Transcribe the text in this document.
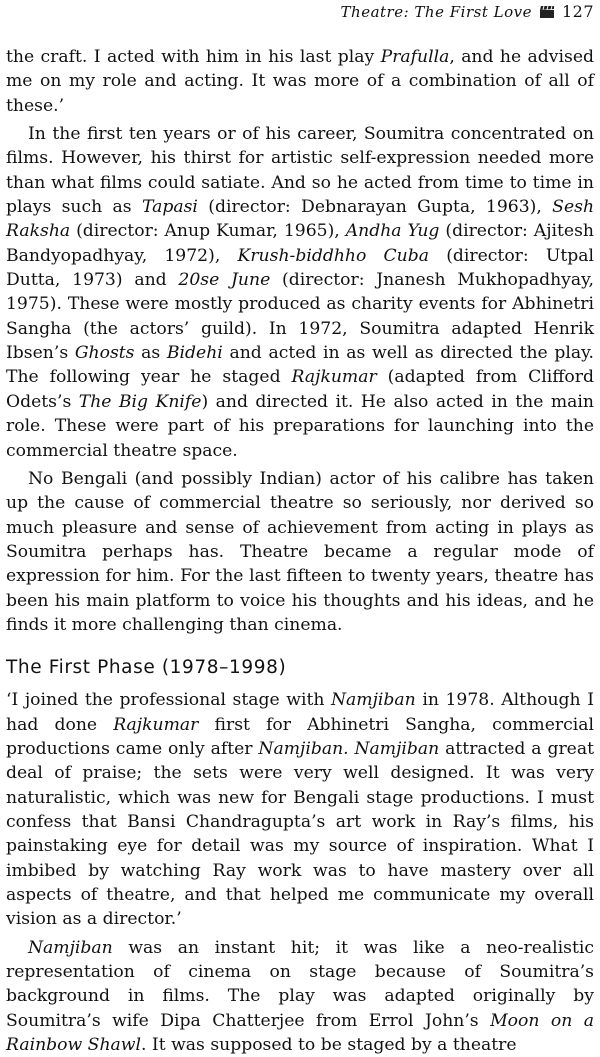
Theatre: The First Love 127

the craft. I acted with him in his last play Prafulla, and he advised me on my role and acting. It was more of a combination of all of these.’

In the first ten years or of his career, Soumitra concentrated on films. However, his thirst for artistic self-expression needed more than what films could satiate. And so he acted from time to time in plays such as Tapasi (director: Debnarayan Gupta, 1963), Sesh Raksha (director: Anup Kumar, 1965), Andha Yug (director: Ajitesh Bandyopadhyay, 1972), Krush-biddhho Cuba (director: Utpal Dutta, 1973) and 20se June (director: Jnanesh Mukhopadhyay, 1975). These were mostly produced as charity events for Abhinetri Sangha (the actors’ guild). In 1972, Soumitra adapted Henrik Ibsen’s Ghosts as Bidehi and acted in as well as directed the play. The following year he staged Rajkumar (adapted from Clifford Odets’s The Big Knife) and directed it. He also acted in the main role. These were part of his preparations for launching into the commercial theatre space.

No Bengali (and possibly Indian) actor of his calibre has taken up the cause of commercial theatre so seriously, nor derived so much pleasure and sense of achievement from acting in plays as Soumitra perhaps has. Theatre became a regular mode of expression for him. For the last fifteen to twenty years, theatre has been his main platform to voice his thoughts and his ideas, and he finds it more challenging than cinema.

The First Phase (1978–1998)

‘I joined the professional stage with Namjiban in 1978. Although I had done Rajkumar first for Abhinetri Sangha, commercial productions came only after Namjiban. Namjiban attracted a great deal of praise; the sets were very well designed. It was very naturalistic, which was new for Bengali stage productions. I must confess that Bansi Chandragupta’s art work in Ray’s films, his painstaking eye for detail was my source of inspiration. What I imbibed by watching Ray work was to have mastery over all aspects of theatre, and that helped me communicate my overall vision as a director.’

Namjiban was an instant hit; it was like a neo-realistic representation of cinema on stage because of Soumitra’s background in films. The play was adapted originally by Soumitra’s wife Dipa Chatterjee from Errol John’s Moon on a Rainbow Shawl. It was supposed to be staged by a theatre
